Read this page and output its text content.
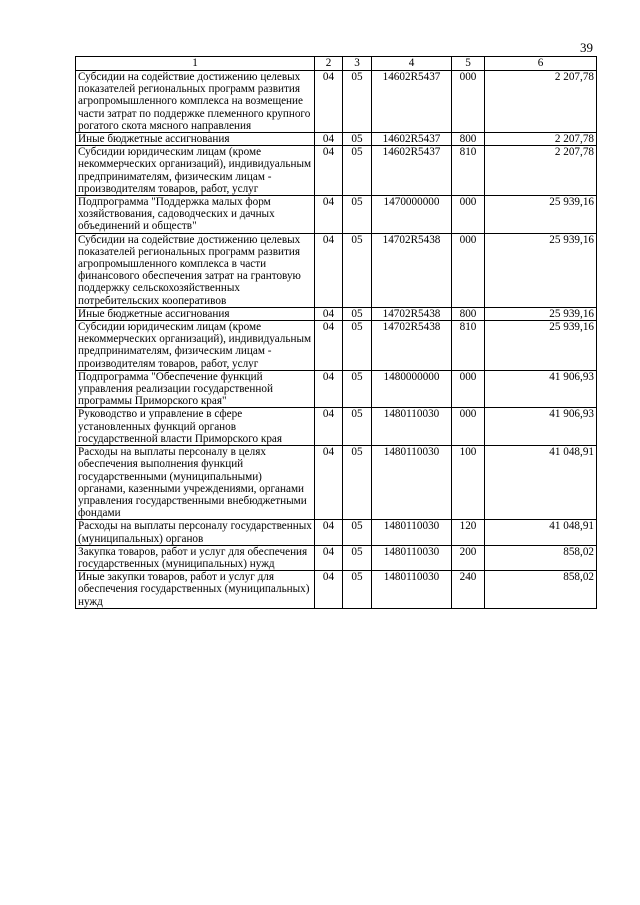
39
1	2	3	4	5	6
Субсидии на содействие достижению целевых показателей региональных программ развития агропромышленного комплекса на возмещение части затрат по поддержке племенного крупного рогатого скота мясного направления	04	05	14602R5437	000	2 207,78
Иные бюджетные ассигнования	04	05	14602R5437	800	2 207,78
Субсидии юридическим лицам (кроме некоммерческих организаций), индивидуальным предпринимателям, физическим лицам - производителям товаров, работ, услуг	04	05	14602R5437	810	2 207,78
Подпрограмма "Поддержка малых форм хозяйствования, садоводческих и дачных объединений и обществ"	04	05	1470000000	000	25 939,16
Субсидии на содействие достижению целевых показателей региональных программ развития агропромышленного комплекса в части финансового обеспечения затрат на грантовую поддержку сельскохозяйственных потребительских кооперативов	04	05	14702R5438	000	25 939,16
Иные бюджетные ассигнования	04	05	14702R5438	800	25 939,16
Субсидии юридическим лицам (кроме некоммерческих организаций), индивидуальным предпринимателям, физическим лицам - производителям товаров, работ, услуг	04	05	14702R5438	810	25 939,16
Подпрограмма "Обеспечение функций управления реализации государственной программы Приморского края"	04	05	1480000000	000	41 906,93
Руководство и управление в сфере установленных функций органов государственной власти Приморского края	04	05	1480110030	000	41 906,93
Расходы на выплаты персоналу в целях обеспечения выполнения функций государственными (муниципальными) органами, казенными учреждениями, органами управления государственными внебюджетными фондами	04	05	1480110030	100	41 048,91
Расходы на выплаты персоналу государственных (муниципальных) органов	04	05	1480110030	120	41 048,91
Закупка товаров, работ и услуг для обеспечения государственных (муниципальных) нужд	04	05	1480110030	200	858,02
Иные закупки товаров, работ и услуг для обеспечения государственных (муниципальных) нужд	04	05	1480110030	240	858,02
